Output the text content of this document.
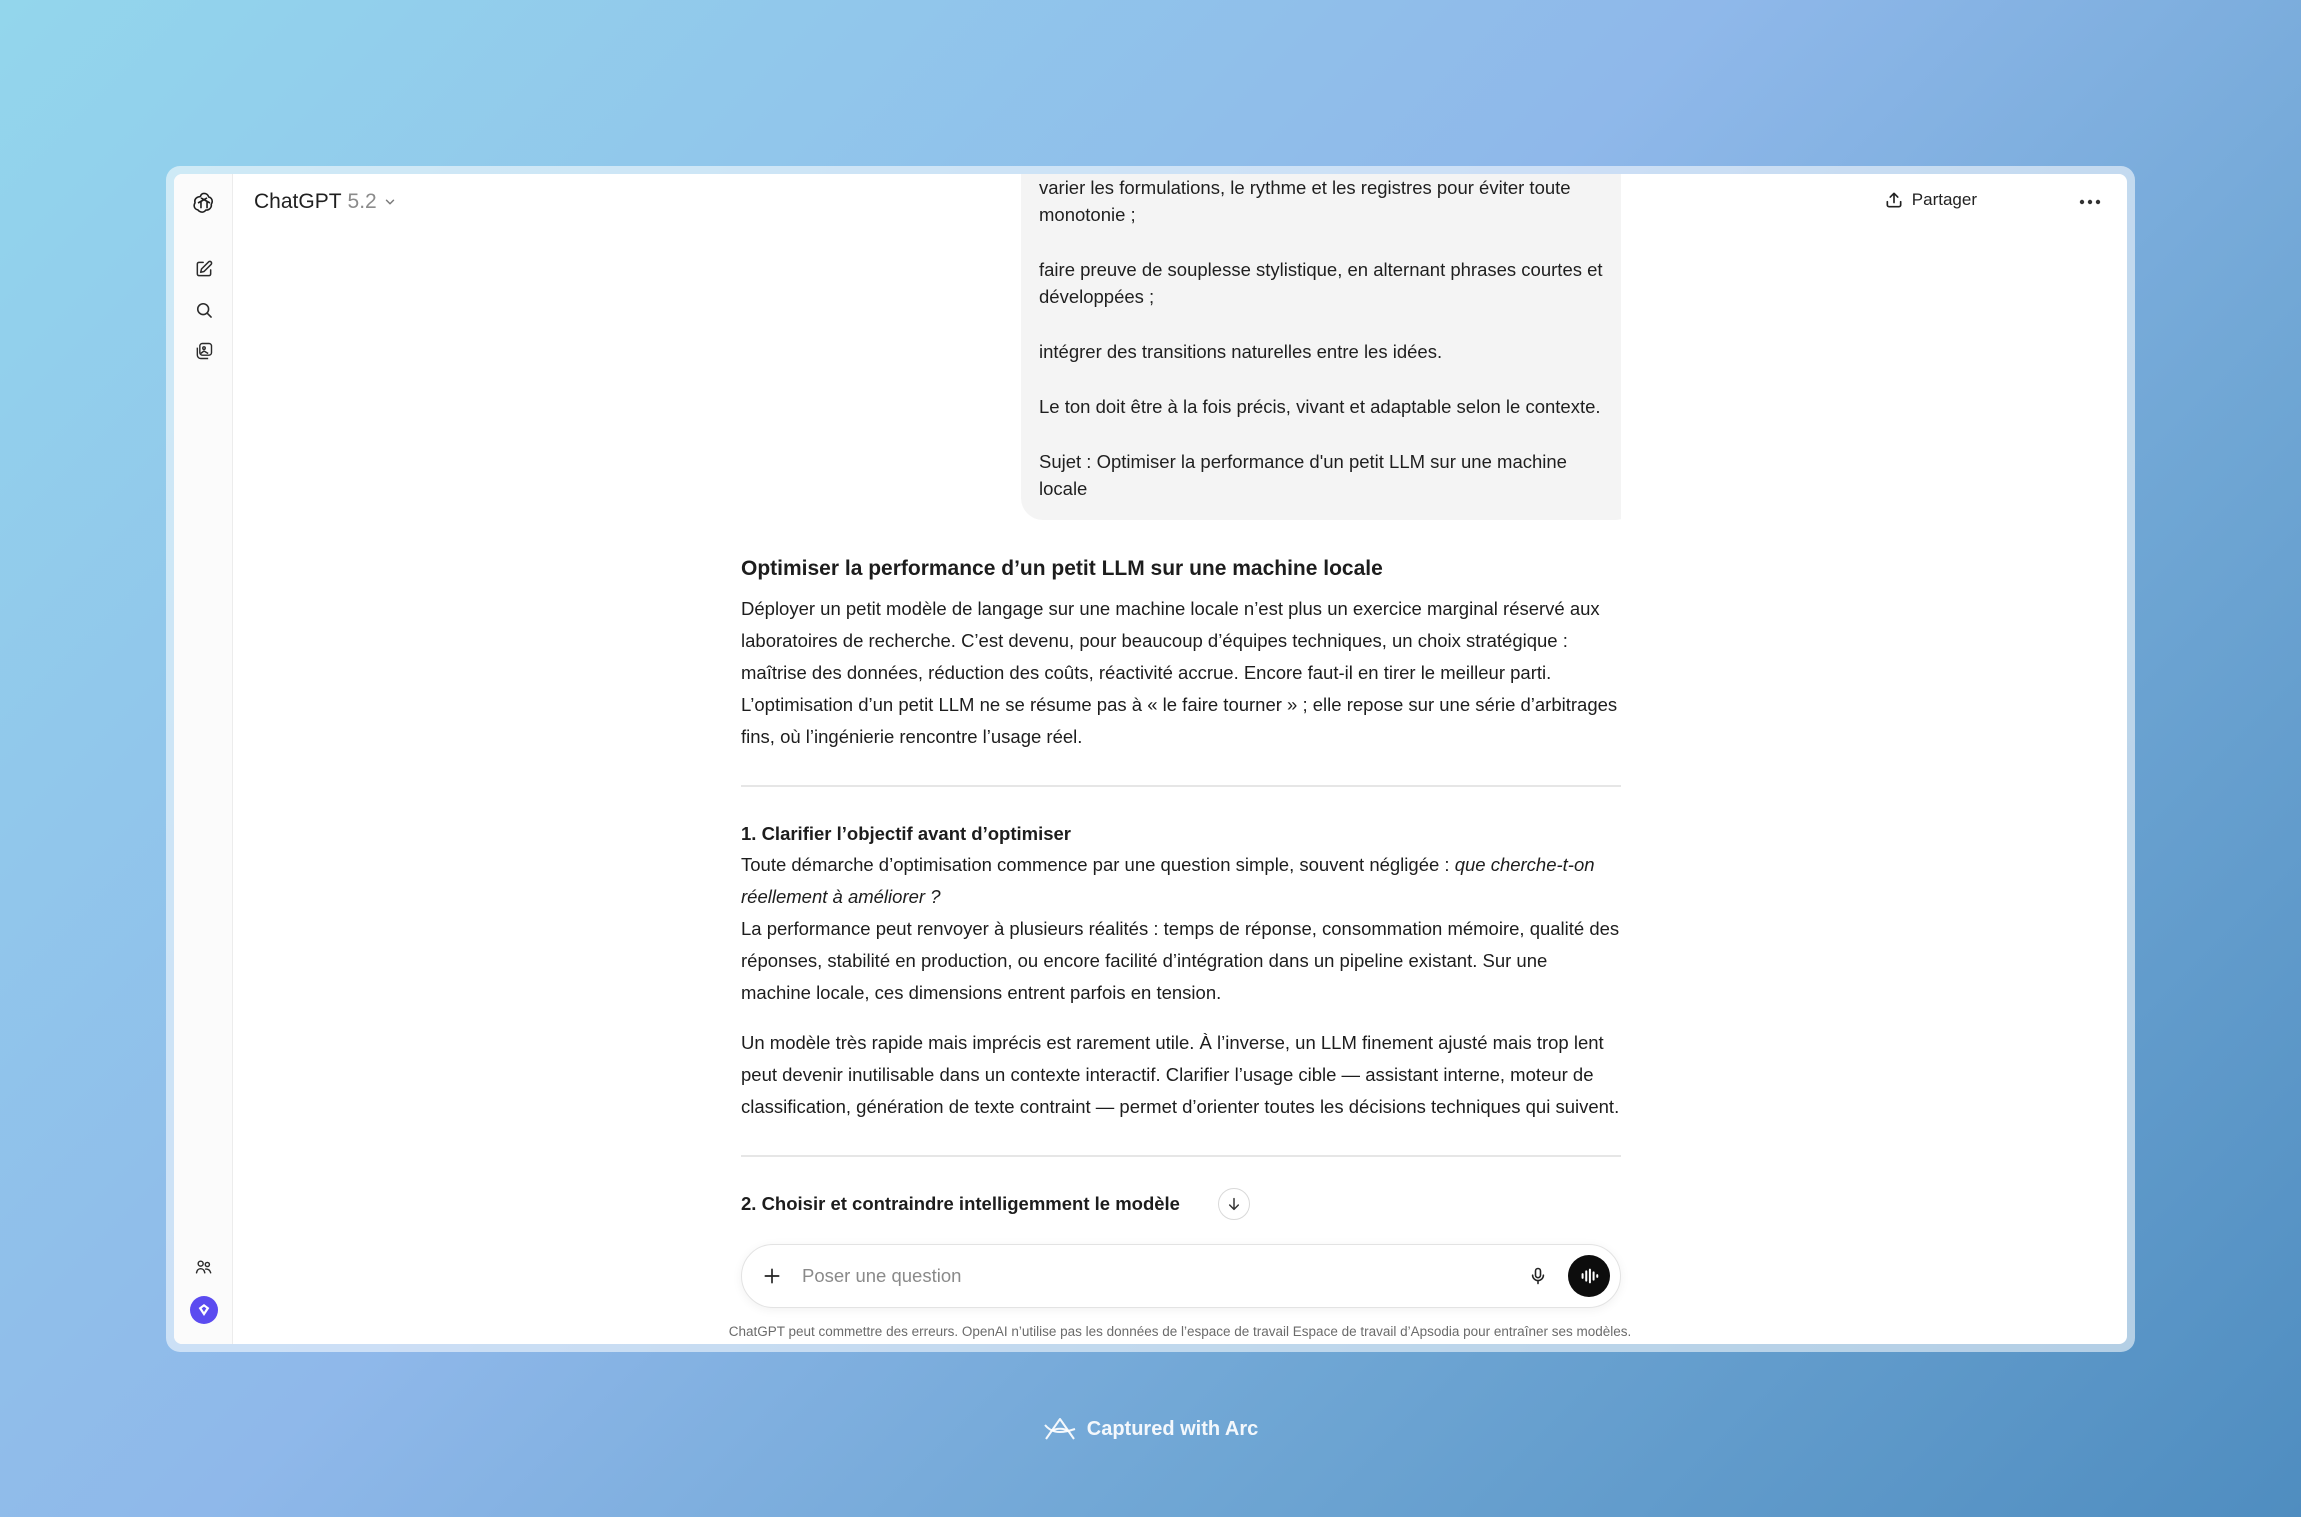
ChatGPT 5.2	Partager

varier les formulations, le rythme et les registres pour éviter toute monotonie ;

faire preuve de souplesse stylistique, en alternant phrases courtes et développées ;

intégrer des transitions naturelles entre les idées.

Le ton doit être à la fois précis, vivant et adaptable selon le contexte.

Sujet : Optimiser la performance d'un petit LLM sur une machine locale

Optimiser la performance d’un petit LLM sur une machine locale

Déployer un petit modèle de langage sur une machine locale n’est plus un exercice marginal réservé aux laboratoires de recherche. C’est devenu, pour beaucoup d’équipes techniques, un choix stratégique : maîtrise des données, réduction des coûts, réactivité accrue. Encore faut-il en tirer le meilleur parti. L’optimisation d’un petit LLM ne se résume pas à « le faire tourner » ; elle repose sur une série d’arbitrages fins, où l’ingénierie rencontre l’usage réel.

1. Clarifier l’objectif avant d’optimiser

Toute démarche d’optimisation commence par une question simple, souvent négligée : que cherche-t-on réellement à améliorer ?

La performance peut renvoyer à plusieurs réalités : temps de réponse, consommation mémoire, qualité des réponses, stabilité en production, ou encore facilité d’intégration dans un pipeline existant. Sur une machine locale, ces dimensions entrent parfois en tension.

Un modèle très rapide mais imprécis est rarement utile. À l’inverse, un LLM finement ajusté mais trop lent peut devenir inutilisable dans un contexte interactif. Clarifier l’usage cible — assistant interne, moteur de classification, génération de texte contraint — permet d’orienter toutes les décisions techniques qui suivent.

2. Choisir et contraindre intelligemment le modèle
Poser une question
ChatGPT peut commettre des erreurs. OpenAI n’utilise pas les données de l’espace de travail Espace de travail d’Apsodia pour entraîner ses modèles.
Captured with Arc
